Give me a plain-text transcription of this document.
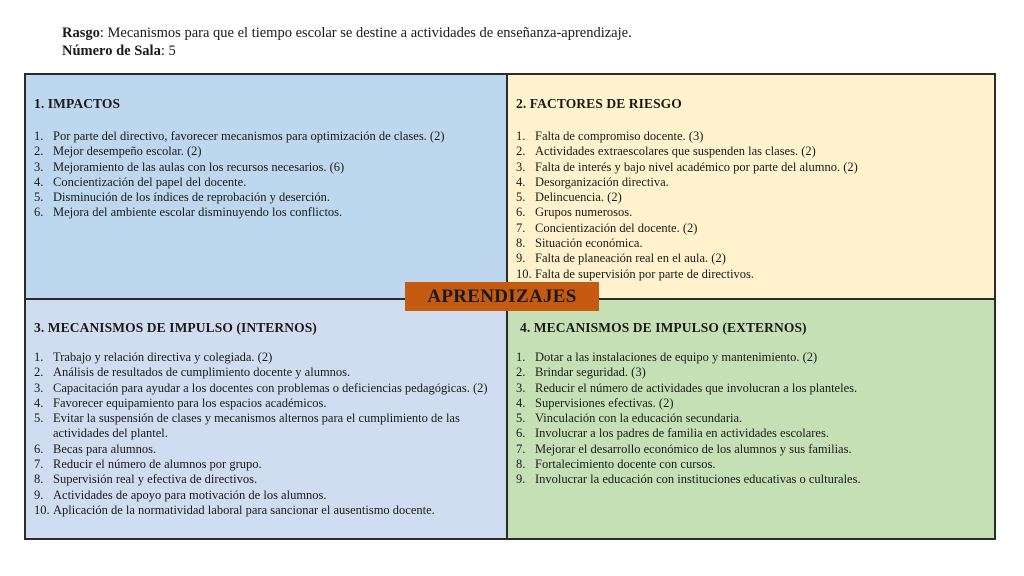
Rasgo: Mecanismos para que el tiempo escolar se destine a actividades de enseñanza-aprendizaje.
Número de Sala: 5
1. IMPACTOS
1. Por parte del directivo, favorecer mecanismos para optimización de clases. (2)
2. Mejor desempeño escolar. (2)
3. Mejoramiento de las aulas con los recursos necesarios. (6)
4. Concientización del papel del docente.
5. Disminución de los índices de reprobación y deserción.
6. Mejora del ambiente escolar disminuyendo los conflictos.
2. FACTORES DE RIESGO
1. Falta de compromiso docente. (3)
2. Actividades extraescolares que suspenden las clases. (2)
3. Falta de interés y bajo nivel académico por parte del alumno. (2)
4. Desorganización directiva.
5. Delincuencia. (2)
6. Grupos numerosos.
7. Concientización del docente. (2)
8. Situación económica.
9. Falta de planeación real en el aula. (2)
10. Falta de supervisión por parte de directivos.
3. MECANISMOS DE IMPULSO (INTERNOS)
1. Trabajo y relación directiva y colegiada. (2)
2. Análisis de resultados de cumplimiento docente y alumnos.
3. Capacitación para ayudar a los docentes con problemas o deficiencias pedagógicas. (2)
4. Favorecer equipamiento para los espacios académicos.
5. Evitar la suspensión de clases y mecanismos alternos para el cumplimiento de las actividades del plantel.
6. Becas para alumnos.
7. Reducir el número de alumnos por grupo.
8. Supervisión real y efectiva de directivos.
9. Actividades de apoyo para motivación de los alumnos.
10. Aplicación de la normatividad laboral para sancionar el ausentismo docente.
4. MECANISMOS DE IMPULSO (EXTERNOS)
1. Dotar a las instalaciones de equipo y mantenimiento. (2)
2. Brindar seguridad. (3)
3. Reducir el número de actividades que involucran a los planteles.
4. Supervisiones efectivas. (2)
5. Vinculación con la educación secundaria.
6. Involucrar a los padres de familia en actividades escolares.
7. Mejorar el desarrollo económico de los alumnos y sus familias.
8. Fortalecimiento docente con cursos.
9. Involucrar la educación con instituciones educativas o culturales.
APRENDIZAJES
